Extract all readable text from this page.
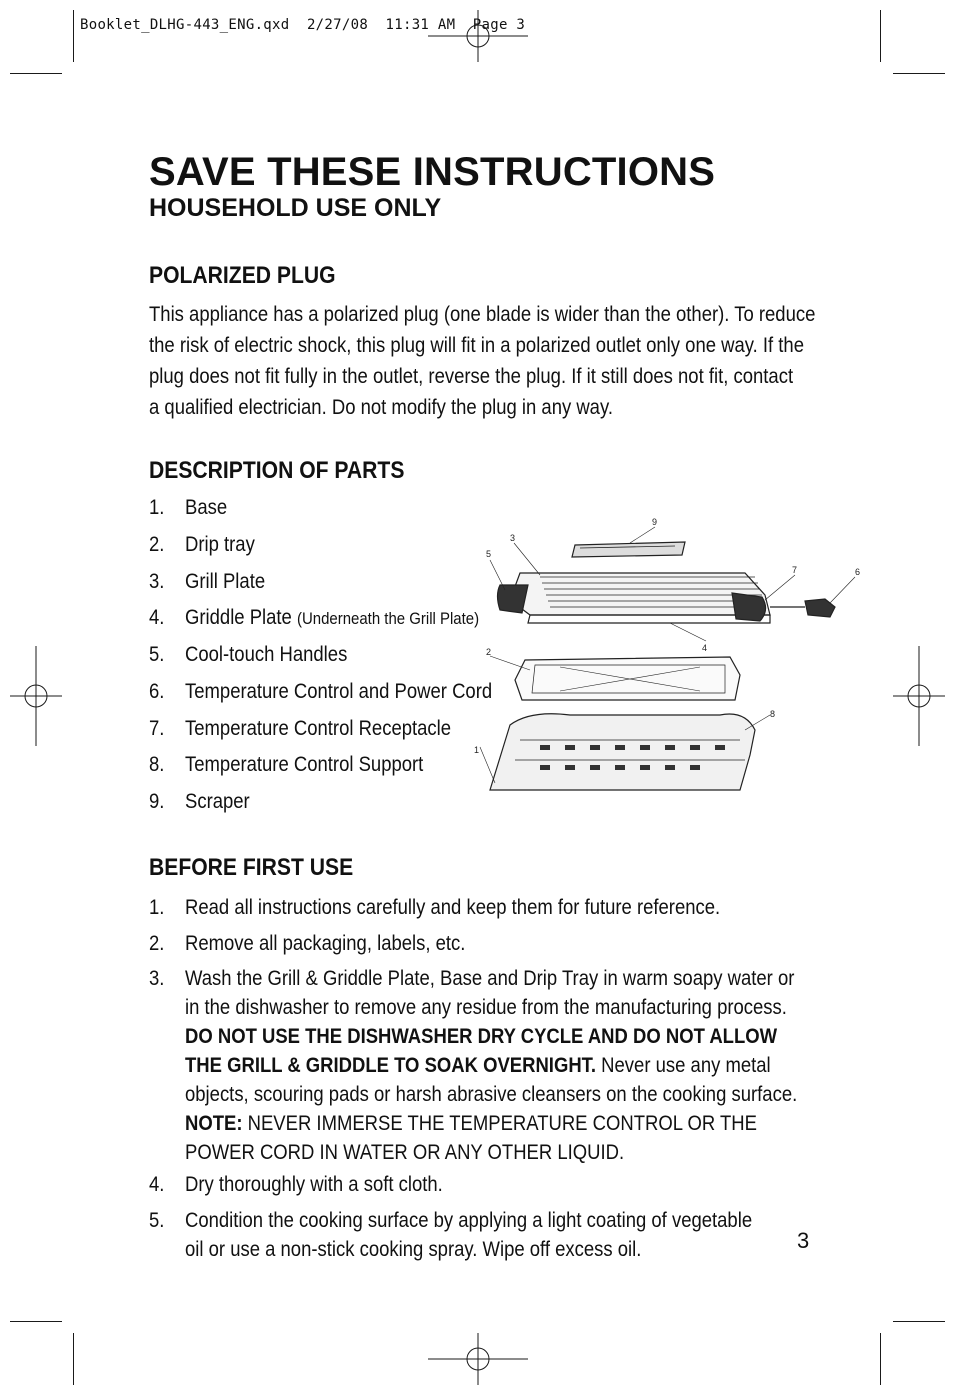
Booklet_DLHG-443_ENG.qxd  2/27/08  11:31 AM  Page 3
SAVE THESE INSTRUCTIONS
HOUSEHOLD USE ONLY
POLARIZED PLUG
This appliance has a polarized plug (one blade is wider than the other). To reduce
the risk of electric shock, this plug will fit in a polarized outlet only one way. If the
plug does not fit fully in the outlet, reverse the plug. If it still does not fit, contact
a qualified electrician. Do not modify the plug in any way.
DESCRIPTION OF PARTS
1. Base
2. Drip tray
3. Grill Plate
4. Griddle Plate (Underneath the Grill Plate)
5. Cool-touch Handles
6. Temperature Control and Power Cord
7. Temperature Control Receptacle
8. Temperature Control Support
9. Scraper
9
3
5
7	6
4
2
8
1
BEFORE FIRST USE
1. Read all instructions carefully and keep them for future reference.
2. Remove all packaging, labels, etc.
3. Wash the Grill & Griddle Plate, Base and Drip Tray in warm soapy water or in the dishwasher to remove any residue from the manufacturing process. DO NOT USE THE DISHWASHER DRY CYCLE AND DO NOT ALLOW THE GRILL & GRIDDLE TO SOAK OVERNIGHT. Never use any metal objects, scouring pads or harsh abrasive cleansers on the cooking surface. NOTE: NEVER IMMERSE THE TEMPERATURE CONTROL OR THE POWER CORD IN WATER OR ANY OTHER LIQUID.
4. Dry thoroughly with a soft cloth.
5. Condition the cooking surface by applying a light coating of vegetable
oil or use a non-stick cooking spray. Wipe off excess oil.	3
